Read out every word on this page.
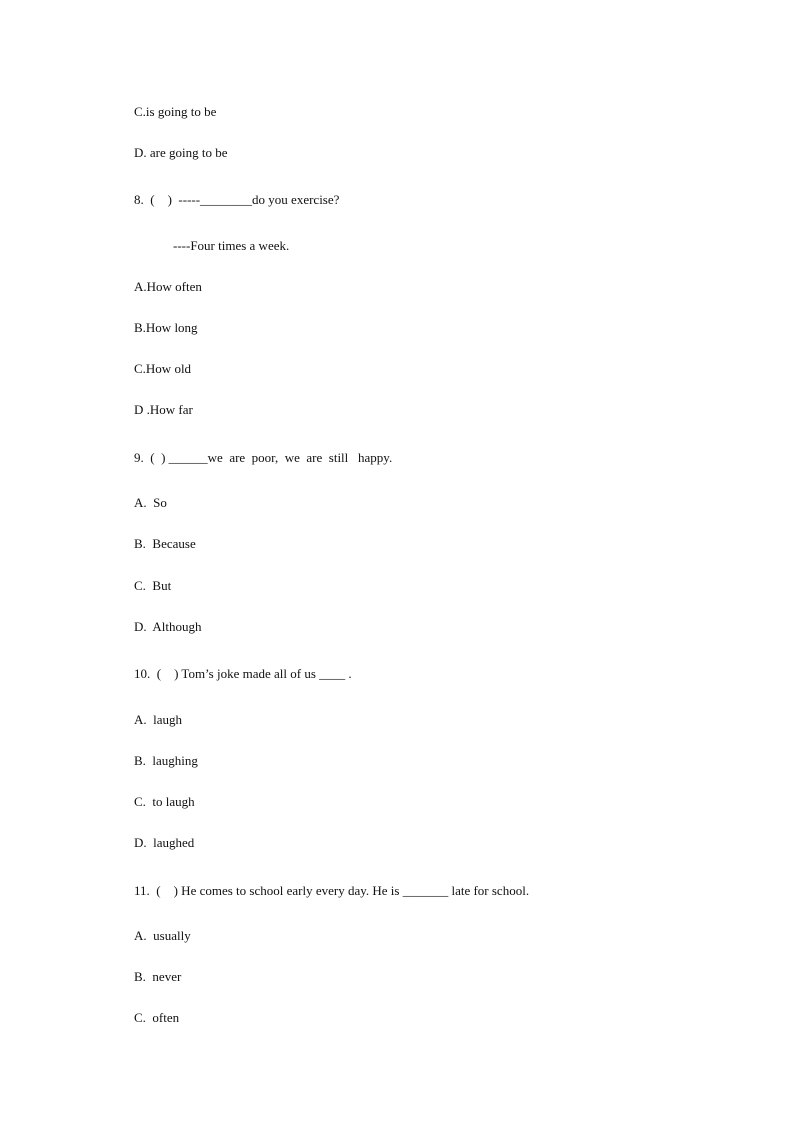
C.is going to be
D. are going to be
8.  (    )  -----________do you exercise?
----Four times a week.
A.How often
B.How long
C.How old
D .How far
9.  (  ) ______we  are  poor,  we  are  still   happy.
A.  So
B.  Because
C.  But
D.  Although
10.  (    ) Tom’s joke made all of us ____ .
A.  laugh
B.  laughing
C.  to laugh
D.  laughed
11.  (    ) He comes to school early every day. He is _______ late for school.
A.  usually
B.  never
C.  often
